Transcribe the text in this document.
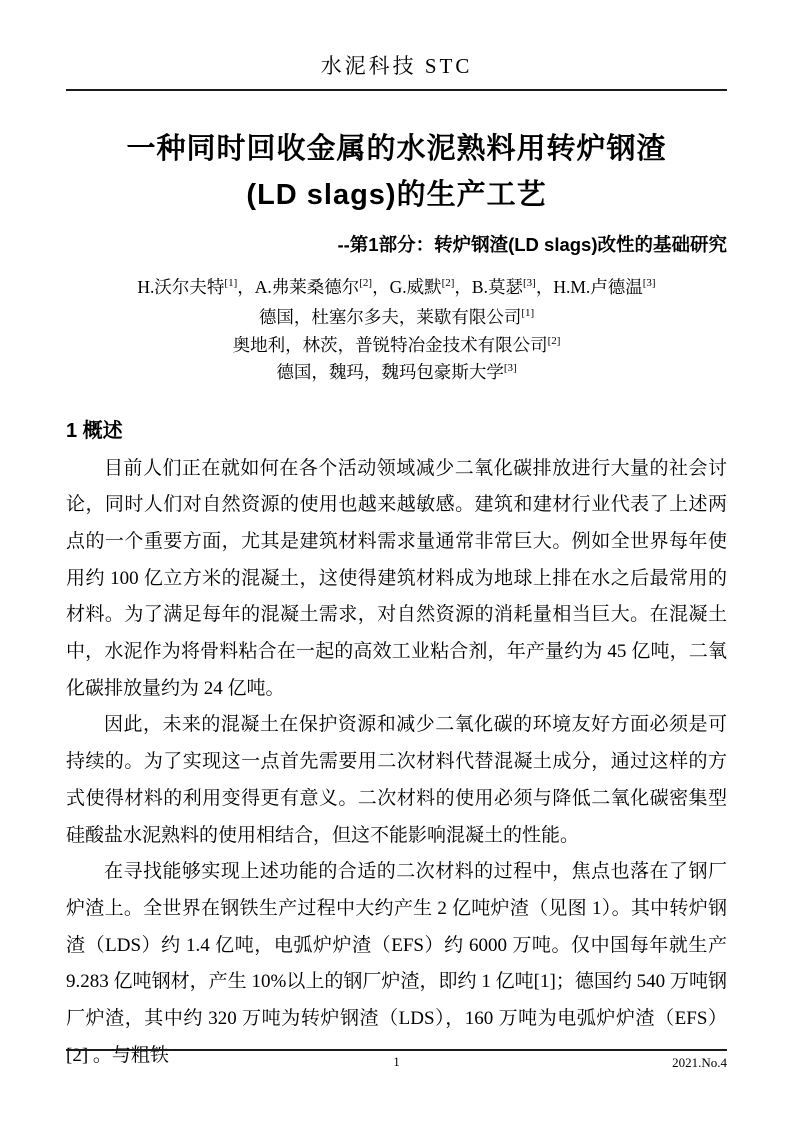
水泥科技 STC
一种同时回收金属的水泥熟料用转炉钢渣
(LD slags)的生产工艺
--第1部分：转炉钢渣(LD slags)改性的基础研究
H.沃尔夫特[1]，A.弗莱桑德尔[2]，G.威默[2]，B.莫瑟[3]，H.M.卢德温[3]
德国，杜塞尔多夫，莱歇有限公司[1]
奥地利，林茨，普锐特冶金技术有限公司[2]
德国，魏玛，魏玛包豪斯大学[3]
1 概述

目前人们正在就如何在各个活动领域减少二氧化碳排放进行大量的社会讨论，同时人们对自然资源的使用也越来越敏感。建筑和建材行业代表了上述两点的一个重要方面，尤其是建筑材料需求量通常非常巨大。例如全世界每年使用约 100 亿立方米的混凝土，这使得建筑材料成为地球上排在水之后最常用的材料。为了满足每年的混凝土需求，对自然资源的消耗量相当巨大。在混凝土中，水泥作为将骨料粘合在一起的高效工业粘合剂，年产量约为 45 亿吨，二氧化碳排放量约为 24 亿吨。

因此，未来的混凝土在保护资源和减少二氧化碳的环境友好方面必须是可持续的。为了实现这一点首先需要用二次材料代替混凝土成分，通过这样的方式使得材料的利用变得更有意义。二次材料的使用必须与降低二氧化碳密集型硅酸盐水泥熟料的使用相结合，但这不能影响混凝土的性能。

在寻找能够实现上述功能的合适的二次材料的过程中，焦点也落在了钢厂炉渣上。全世界在钢铁生产过程中大约产生 2 亿吨炉渣（见图 1）。其中转炉钢渣（LDS）约 1.4 亿吨，电弧炉炉渣（EFS）约 6000 万吨。仅中国每年就生产 9.283 亿吨钢材，产生 10%以上的钢厂炉渣，即约 1 亿吨[1]；德国约 540 万吨钢厂炉渣，其中约 320 万吨为转炉钢渣（LDS），160 万吨为电弧炉炉渣（EFS）[2] 。与粗铁	1	2021.No.4
